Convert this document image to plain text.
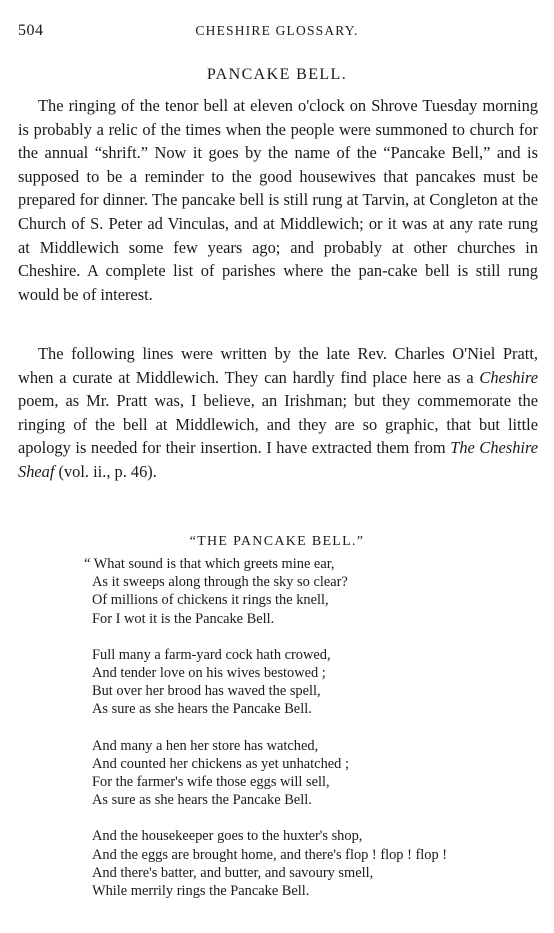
504	CHESHIRE GLOSSARY.
PANCAKE BELL.

The ringing of the tenor bell at eleven o'clock on Shrove Tuesday morning is probably a relic of the times when the people were summoned to church for the annual “shrift.” Now it goes by the name of the “Pancake Bell,” and is supposed to be a reminder to the good housewives that pancakes must be prepared for dinner. The pancake bell is still rung at Tarvin, at Congleton at the Church of S. Peter ad Vinculas, and at Middlewich; or it was at any rate rung at Middlewich some few years ago; and probably at other churches in Cheshire. A complete list of parishes where the pan-cake bell is still rung would be of interest.

The following lines were written by the late Rev. Charles O'Niel Pratt, when a curate at Middlewich. They can hardly find place here as a Cheshire poem, as Mr. Pratt was, I believe, an Irishman; but they commemorate the ringing of the bell at Middlewich, and they are so graphic, that but little apology is needed for their insertion. I have extracted them from The Cheshire Sheaf (vol. ii., p. 46).

“THE PANCAKE BELL.”
“ What sound is that which greets mine ear,
As it sweeps along through the sky so clear?
Of millions of chickens it rings the knell,
For I wot it is the Pancake Bell.
Full many a farm-yard cock hath crowed,
And tender love on his wives bestowed ;
But over her brood has waved the spell,
As sure as she hears the Pancake Bell.
And many a hen her store has watched,
And counted her chickens as yet unhatched ;
For the farmer's wife those eggs will sell,
As sure as she hears the Pancake Bell.
And the housekeeper goes to the huxter's shop,
And the eggs are brought home, and there's flop ! flop ! flop !
And there's batter, and butter, and savoury smell,
While merrily rings the Pancake Bell.
